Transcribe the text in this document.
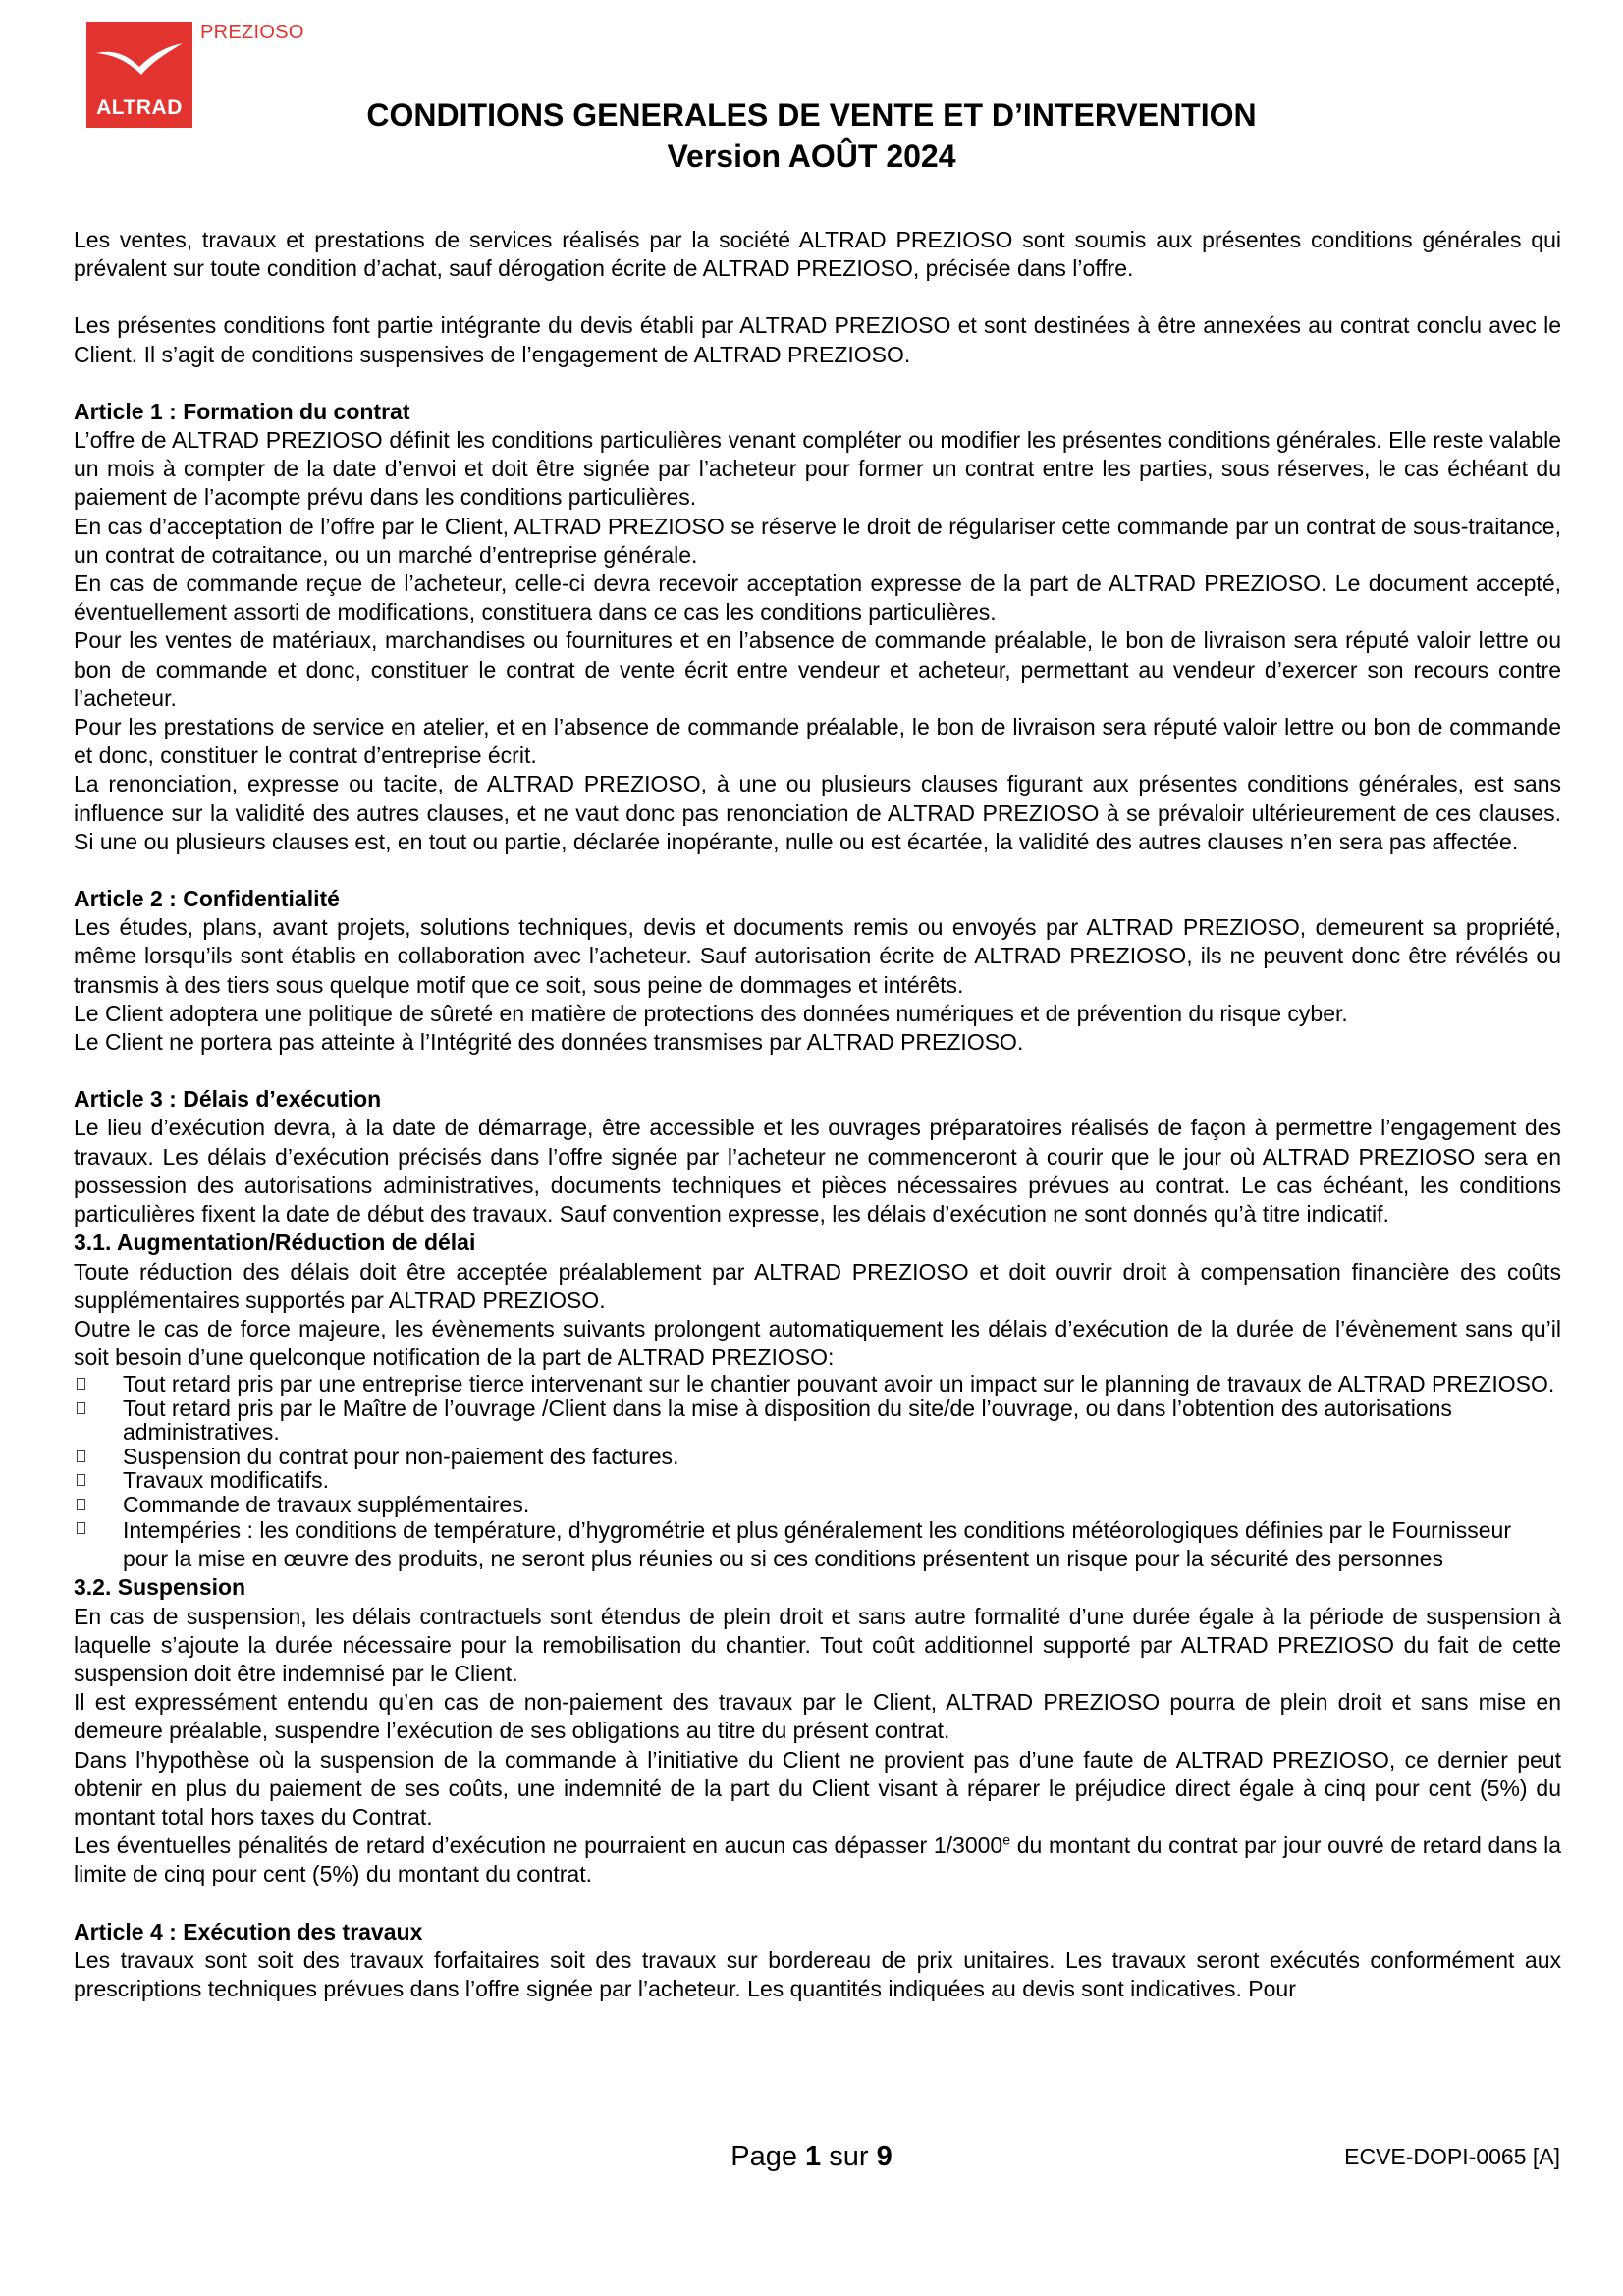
ALTRAD
PREZIOSO
CONDITIONS GENERALES DE VENTE ET D’INTERVENTION
Version AOÛT 2024

Les ventes, travaux et prestations de services réalisés par la société ALTRAD PREZIOSO sont soumis aux présentes conditions générales qui prévalent sur toute condition d’achat, sauf dérogation écrite de ALTRAD PREZIOSO, précisée dans l’offre.

Les présentes conditions font partie intégrante du devis établi par ALTRAD PREZIOSO et sont destinées à être annexées au contrat conclu avec le Client. Il s’agit de conditions suspensives de l’engagement de ALTRAD PREZIOSO.

Article 1 : Formation du contrat

L’offre de ALTRAD PREZIOSO définit les conditions particulières venant compléter ou modifier les présentes conditions générales. Elle reste valable un mois à compter de la date d’envoi et doit être signée par l’acheteur pour former un contrat entre les parties, sous réserves, le cas échéant du paiement de l’acompte prévu dans les conditions particulières.

En cas d’acceptation de l’offre par le Client, ALTRAD PREZIOSO se réserve le droit de régulariser cette commande par un contrat de sous-traitance, un contrat de cotraitance, ou un marché d’entreprise générale.

En cas de commande reçue de l’acheteur, celle-ci devra recevoir acceptation expresse de la part de ALTRAD PREZIOSO. Le document accepté, éventuellement assorti de modifications, constituera dans ce cas les conditions particulières.

Pour les ventes de matériaux, marchandises ou fournitures et en l’absence de commande préalable, le bon de livraison sera réputé valoir lettre ou bon de commande et donc, constituer le contrat de vente écrit entre vendeur et acheteur, permettant au vendeur d’exercer son recours contre l’acheteur.

Pour les prestations de service en atelier, et en l’absence de commande préalable, le bon de livraison sera réputé valoir lettre ou bon de commande et donc, constituer le contrat d’entreprise écrit.

La renonciation, expresse ou tacite, de ALTRAD PREZIOSO, à une ou plusieurs clauses figurant aux présentes conditions générales, est sans influence sur la validité des autres clauses, et ne vaut donc pas renonciation de ALTRAD PREZIOSO à se prévaloir ultérieurement de ces clauses. Si une ou plusieurs clauses est, en tout ou partie, déclarée inopérante, nulle ou est écartée, la validité des autres clauses n’en sera pas affectée.

Article 2 : Confidentialité

Les études, plans, avant projets, solutions techniques, devis et documents remis ou envoyés par ALTRAD PREZIOSO, demeurent sa propriété, même lorsqu’ils sont établis en collaboration avec l’acheteur. Sauf autorisation écrite de ALTRAD PREZIOSO, ils ne peuvent donc être révélés ou transmis à des tiers sous quelque motif que ce soit, sous peine de dommages et intérêts.

Le Client adoptera une politique de sûreté en matière de protections des données numériques et de prévention du risque cyber.

Le Client ne portera pas atteinte à l’Intégrité des données transmises par ALTRAD PREZIOSO.

Article 3 : Délais d’exécution

Le lieu d’exécution devra, à la date de démarrage, être accessible et les ouvrages préparatoires réalisés de façon à permettre l’engagement des travaux. Les délais d’exécution précisés dans l’offre signée par l’acheteur ne commenceront à courir que le jour où ALTRAD PREZIOSO sera en possession des autorisations administratives, documents techniques et pièces nécessaires prévues au contrat. Le cas échéant, les conditions particulières fixent la date de début des travaux. Sauf convention expresse, les délais d’exécution ne sont donnés qu’à titre indicatif.

3.1. Augmentation/Réduction de délai

Toute réduction des délais doit être acceptée préalablement par ALTRAD PREZIOSO et doit ouvrir droit à compensation financière des coûts supplémentaires supportés par ALTRAD PREZIOSO.

Outre le cas de force majeure, les évènements suivants prolongent automatiquement les délais d’exécution de la durée de l’évènement sans qu’il soit besoin d’une quelconque notification de la part de ALTRAD PREZIOSO:

Tout retard pris par une entreprise tierce intervenant sur le chantier pouvant avoir un impact sur le planning de travaux de ALTRAD PREZIOSO.
Tout retard pris par le Maître de l’ouvrage /Client dans la mise à disposition du site/de l’ouvrage, ou dans l’obtention des autorisations administratives.
Suspension du contrat pour non-paiement des factures.
Travaux modificatifs.
Commande de travaux supplémentaires.
Intempéries : les conditions de température, d’hygrométrie et plus généralement les conditions météorologiques définies par le Fournisseur pour la mise en œuvre des produits, ne seront plus réunies ou si ces conditions présentent un risque pour la sécurité des personnes

3.2. Suspension

En cas de suspension, les délais contractuels sont étendus de plein droit et sans autre formalité d’une durée égale à la période de suspension à laquelle s’ajoute la durée nécessaire pour la remobilisation du chantier. Tout coût additionnel supporté par ALTRAD PREZIOSO du fait de cette suspension doit être indemnisé par le Client.

Il est expressément entendu qu’en cas de non-paiement des travaux par le Client, ALTRAD PREZIOSO pourra de plein droit et sans mise en demeure préalable, suspendre l’exécution de ses obligations au titre du présent contrat.

Dans l’hypothèse où la suspension de la commande à l’initiative du Client ne provient pas d’une faute de ALTRAD PREZIOSO, ce dernier peut obtenir en plus du paiement de ses coûts, une indemnité de la part du Client visant à réparer le préjudice direct égale à cinq pour cent (5%) du montant total hors taxes du Contrat.

Les éventuelles pénalités de retard d’exécution ne pourraient en aucun cas dépasser 1/3000e du montant du contrat par jour ouvré de retard dans la limite de cinq pour cent (5%) du montant du contrat.

Article 4 : Exécution des travaux

Les travaux sont soit des travaux forfaitaires soit des travaux sur bordereau de prix unitaires. Les travaux seront exécutés conformément aux prescriptions techniques prévues dans l’offre signée par l’acheteur. Les quantités indiquées au devis sont indicatives. Pour

Page 1 sur 9	ECVE-DOPI-0065 [A]
